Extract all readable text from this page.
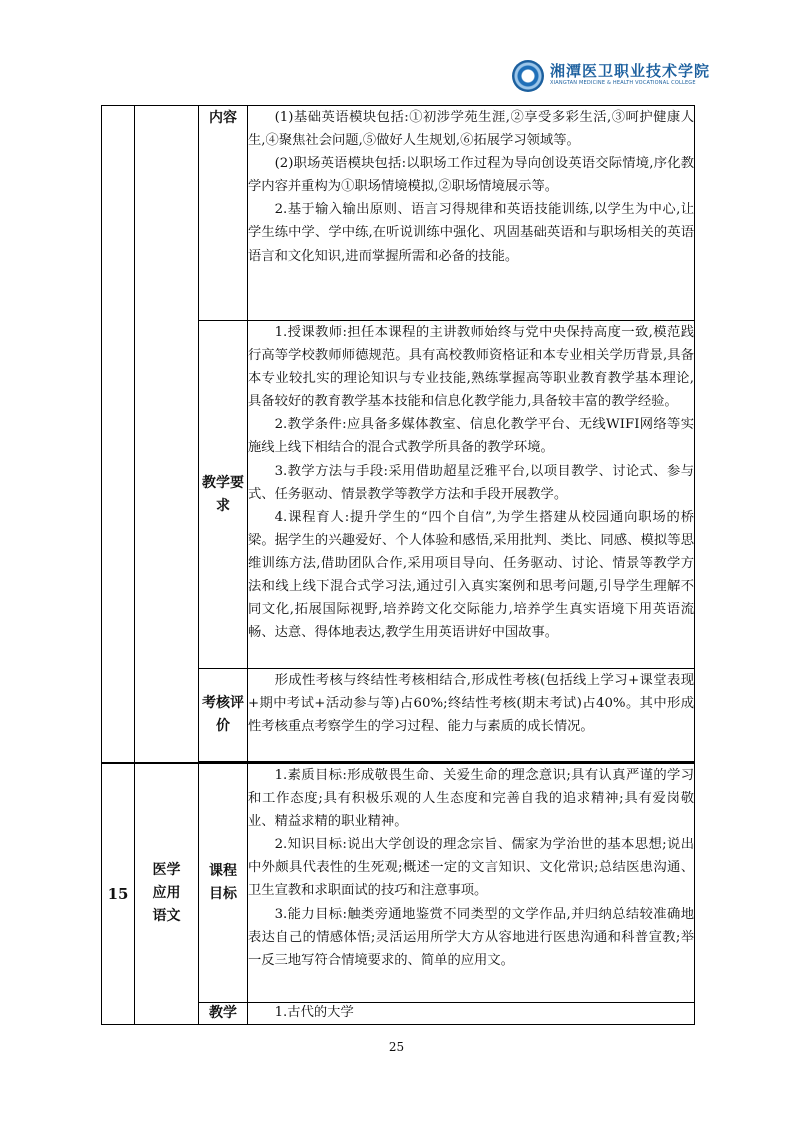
湘潭医卫职业技术学院
XIANGTAN MEDICINE & HEALTH VOCATIONAL COLLEGE
		内容	(1)基础英语模块包括:①初涉学苑生涯,②享受多彩生活,③呵护健康人生,④聚焦社会问题,⑤做好人生规划,⑥拓展学习领域等。

(2)职场英语模块包括:以职场工作过程为导向创设英语交际情境,序化教学内容并重构为①职场情境模拟,②职场情境展示等。

2.基于输入输出原则、语言习得规律和英语技能训练,以学生为中心,让学生练中学、学中练,在听说训练中强化、巩固基础英语和与职场相关的英语语言和文化知识,进而掌握所需和必备的技能。

		教学要求	1.授课教师:担任本课程的主讲教师始终与党中央保持高度一致,模范践行高等学校教师师德规范。具有高校教师资格证和本专业相关学历背景,具备本专业较扎实的理论知识与专业技能,熟练掌握高等职业教育教学基本理论,具备较好的教育教学基本技能和信息化教学能力,具备较丰富的教学经验。

2.教学条件:应具备多媒体教室、信息化教学平台、无线WIFI网络等实施线上线下相结合的混合式教学所具备的教学环境。

3.教学方法与手段:采用借助超星泛雅平台,以项目教学、讨论式、参与式、任务驱动、情景教学等教学方法和手段开展教学。

4.课程育人:提升学生的“四个自信”,为学生搭建从校园通向职场的桥梁。据学生的兴趣爱好、个人体验和感悟,采用批判、类比、同感、模拟等思维训练方法,借助团队合作,采用项目导向、任务驱动、讨论、情景等教学方法和线上线下混合式学习法,通过引入真实案例和思考问题,引导学生理解不同文化,拓展国际视野,培养跨文化交际能力,培养学生真实语境下用英语流畅、达意、得体地表达,教学生用英语讲好中国故事。

		考核评价	形成性考核与终结性考核相结合,形成性考核(包括线上学习+课堂表现+期中考试+活动参与等)占60%;终结性考核(期末考试)占40%。其中形成性考核重点考察学生的学习过程、能力与素质的成长情况。

15	医学应用语文	课程目标	1.素质目标:形成敬畏生命、关爱生命的理念意识;具有认真严谨的学习和工作态度;具有积极乐观的人生态度和完善自我的追求精神;具有爱岗敬业、精益求精的职业精神。

2.知识目标:说出大学创设的理念宗旨、儒家为学治世的基本思想;说出中外颇具代表性的生死观;概述一定的文言知识、文化常识;总结医患沟通、卫生宣教和求职面试的技巧和注意事项。

3.能力目标:触类旁通地鉴赏不同类型的文学作品,并归纳总结较准确地表达自己的情感体悟;灵活运用所学大方从容地进行医患沟通和科普宣教;举一反三地写符合情境要求的、简单的应用文。

		教学	1.古代的大学

25
